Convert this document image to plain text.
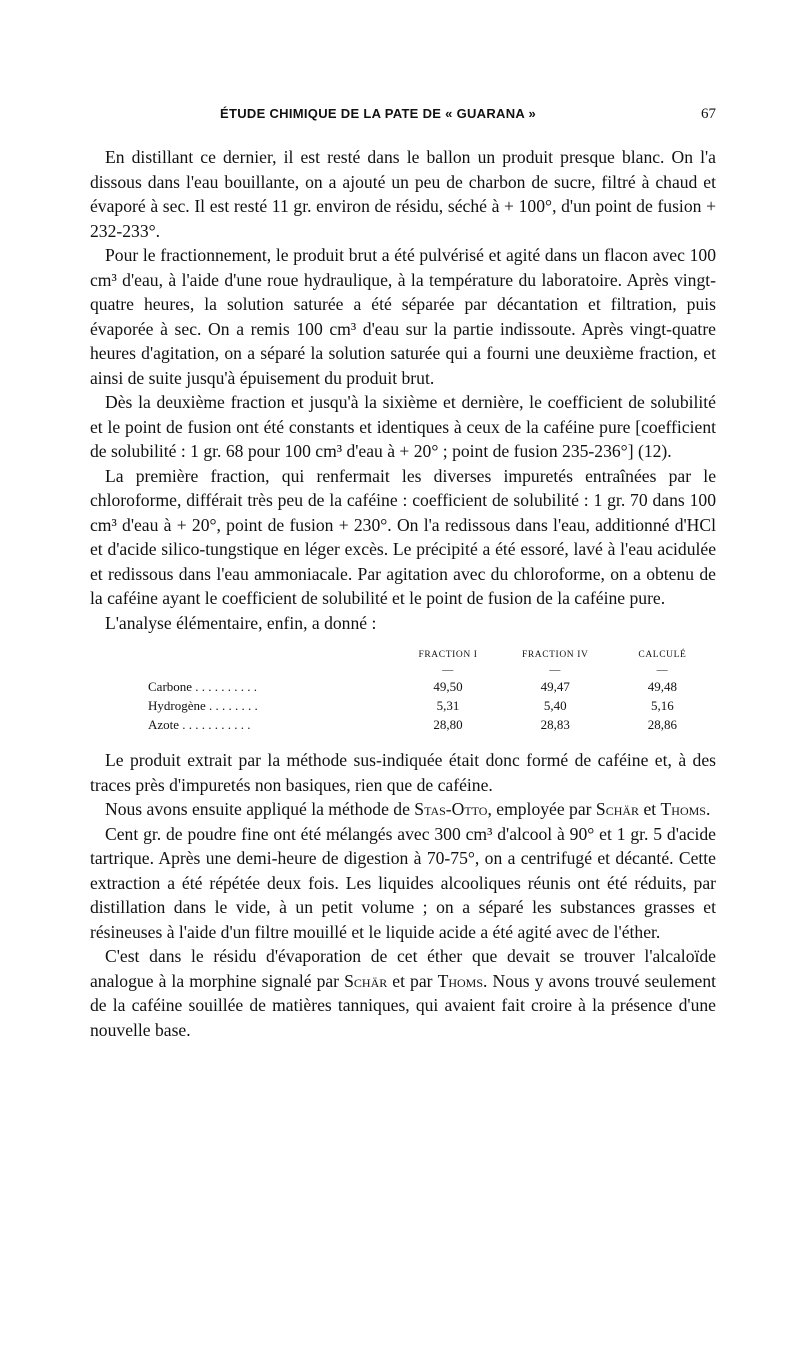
ÉTUDE CHIMIQUE DE LA PATE DE « GUARANA »	67

En distillant ce dernier, il est resté dans le ballon un produit presque blanc. On l'a dissous dans l'eau bouillante, on a ajouté un peu de charbon de sucre, filtré à chaud et évaporé à sec. Il est resté 11 gr. environ de résidu, séché à + 100°, d'un point de fusion + 232-233°.

Pour le fractionnement, le produit brut a été pulvérisé et agité dans un flacon avec 100 cm³ d'eau, à l'aide d'une roue hydraulique, à la température du laboratoire. Après vingt-quatre heures, la solution saturée a été séparée par décantation et filtration, puis évaporée à sec. On a remis 100 cm³ d'eau sur la partie indissoute. Après vingt-quatre heures d'agitation, on a séparé la solution saturée qui a fourni une deuxième fraction, et ainsi de suite jusqu'à épuisement du produit brut.

Dès la deuxième fraction et jusqu'à la sixième et dernière, le coefficient de solubilité et le point de fusion ont été constants et identiques à ceux de la caféine pure [coefficient de solubilité : 1 gr. 68 pour 100 cm³ d'eau à + 20° ; point de fusion 235-236°] (12).

La première fraction, qui renfermait les diverses impuretés entraînées par le chloroforme, différait très peu de la caféine : coefficient de solubilité : 1 gr. 70 dans 100 cm³ d'eau à + 20°, point de fusion + 230°. On l'a redissous dans l'eau, additionné d'HCl et d'acide silico-tungstique en léger excès. Le précipité a été essoré, lavé à l'eau acidulée et redissous dans l'eau ammoniacale. Par agitation avec du chloroforme, on a obtenu de la caféine ayant le coefficient de solubilité et le point de fusion de la caféine pure.

L'analyse élémentaire, enfin, a donné :

	FRACTION I	FRACTION IV	CALCULÉ
	—	—	—
Carbone . . . . . . . . . .	49,50	49,47	49,48
Hydrogène . . . . . . . .	5,31	5,40	5,16
Azote . . . . . . . . . . .	28,80	28,83	28,86

Le produit extrait par la méthode sus-indiquée était donc formé de caféine et, à des traces près d'impuretés non basiques, rien que de caféine.

Nous avons ensuite appliqué la méthode de Stas-Otto, employée par Schär et Thoms.

Cent gr. de poudre fine ont été mélangés avec 300 cm³ d'alcool à 90° et 1 gr. 5 d'acide tartrique. Après une demi-heure de digestion à 70-75°, on a centrifugé et décanté. Cette extraction a été répétée deux fois. Les liquides alcooliques réunis ont été réduits, par distillation dans le vide, à un petit volume ; on a séparé les substances grasses et résineuses à l'aide d'un filtre mouillé et le liquide acide a été agité avec de l'éther.

C'est dans le résidu d'évaporation de cet éther que devait se trouver l'alcaloïde analogue à la morphine signalé par Schär et par Thoms. Nous y avons trouvé seulement de la caféine souillée de matières tanniques, qui avaient fait croire à la présence d'une nouvelle base.
